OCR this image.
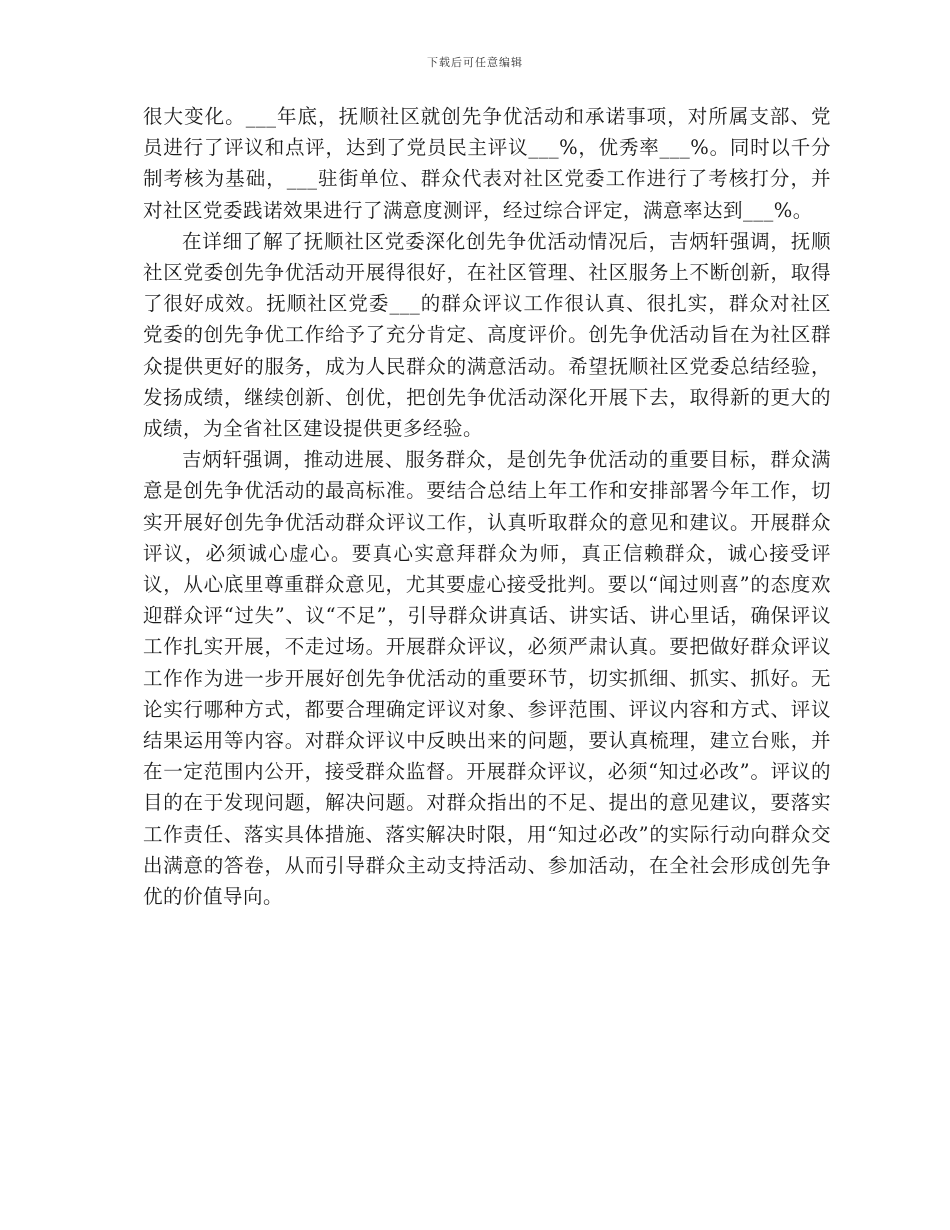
下载后可任意编辑

很大变化。___年底，抚顺社区就创先争优活动和承诺事项，对所属支部、党员进行了评议和点评，达到了党员民主评议___%，优秀率___%。同时以千分制考核为基础，___驻街单位、群众代表对社区党委工作进行了考核打分，并对社区党委践诺效果进行了满意度测评，经过综合评定，满意率达到___%。

在详细了解了抚顺社区党委深化创先争优活动情况后，吉炳轩强调，抚顺社区党委创先争优活动开展得很好，在社区管理、社区服务上不断创新，取得了很好成效。抚顺社区党委___的群众评议工作很认真、很扎实，群众对社区党委的创先争优工作给予了充分肯定、高度评价。创先争优活动旨在为社区群众提供更好的服务，成为人民群众的满意活动。希望抚顺社区党委总结经验，发扬成绩，继续创新、创优，把创先争优活动深化开展下去，取得新的更大的成绩，为全省社区建设提供更多经验。

吉炳轩强调，推动进展、服务群众，是创先争优活动的重要目标，群众满意是创先争优活动的最高标准。要结合总结上年工作和安排部署今年工作，切实开展好创先争优活动群众评议工作，认真听取群众的意见和建议。开展群众评议，必须诚心虚心。要真心实意拜群众为师，真正信赖群众，诚心接受评议，从心底里尊重群众意见，尤其要虚心接受批判。要以“闻过则喜”的态度欢迎群众评“过失”、议“不足”，引导群众讲真话、讲实话、讲心里话，确保评议工作扎实开展，不走过场。开展群众评议，必须严肃认真。要把做好群众评议工作作为进一步开展好创先争优活动的重要环节，切实抓细、抓实、抓好。无论实行哪种方式，都要合理确定评议对象、参评范围、评议内容和方式、评议结果运用等内容。对群众评议中反映出来的问题，要认真梳理，建立台账，并在一定范围内公开，接受群众监督。开展群众评议，必须“知过必改”。评议的目的在于发现问题，解决问题。对群众指出的不足、提出的意见建议，要落实工作责任、落实具体措施、落实解决时限，用“知过必改”的实际行动向群众交出满意的答卷，从而引导群众主动支持活动、参加活动，在全社会形成创先争优的价值导向。
